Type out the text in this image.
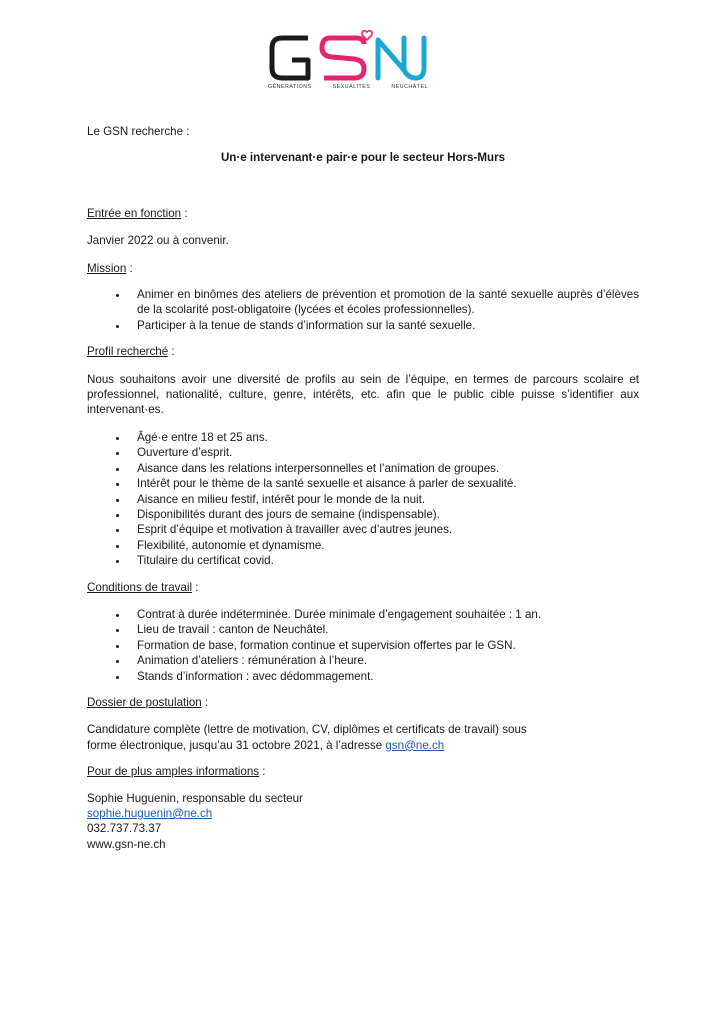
GÉNÉRATIONS	SEXUALITÉS	NEUCHÂTEL

Le GSN recherche :

Un·e intervenant·e pair·e pour le secteur Hors-Murs

Entrée en fonction :

Janvier 2022 ou à convenir.

Mission :

• Animer en binômes des ateliers de prévention et promotion de la santé sexuelle auprès d’élèves de la scolarité post-obligatoire (lycées et écoles professionnelles).
• Participer à la tenue de stands d’information sur la santé sexuelle.

Profil recherché :

Nous souhaitons avoir une diversité de profils au sein de l’équipe, en termes de parcours scolaire et professionnel, nationalité, culture, genre, intérêts, etc. afin que le public cible puisse s’identifier aux intervenant·es.

• Âgé·e entre 18 et 25 ans.
• Ouverture d’esprit.
• Aisance dans les relations interpersonnelles et l’animation de groupes.
• Intérêt pour le thème de la santé sexuelle et aisance à parler de sexualité.
• Aisance en milieu festif, intérêt pour le monde de la nuit.
• Disponibilités durant des jours de semaine (indispensable).
• Esprit d’équipe et motivation à travailler avec d’autres jeunes.
• Flexibilité, autonomie et dynamisme.
• Titulaire du certificat covid.

Conditions de travail :

• Contrat à durée indéterminée. Durée minimale d’engagement souhaitée : 1 an.
• Lieu de travail : canton de Neuchâtel.
• Formation de base, formation continue et supervision offertes par le GSN.
• Animation d’ateliers : rémunération à l’heure.
• Stands d’information : avec dédommagement.

Dossier de postulation :

Candidature complète (lettre de motivation, CV, diplômes et certificats de travail) sous forme électronique, jusqu’au 31 octobre 2021, à l’adresse gsn@ne.ch

Pour de plus amples informations :

Sophie Huguenin, responsable du secteur

sophie.huguenin@ne.ch

032.737.73.37

www.gsn-ne.ch
